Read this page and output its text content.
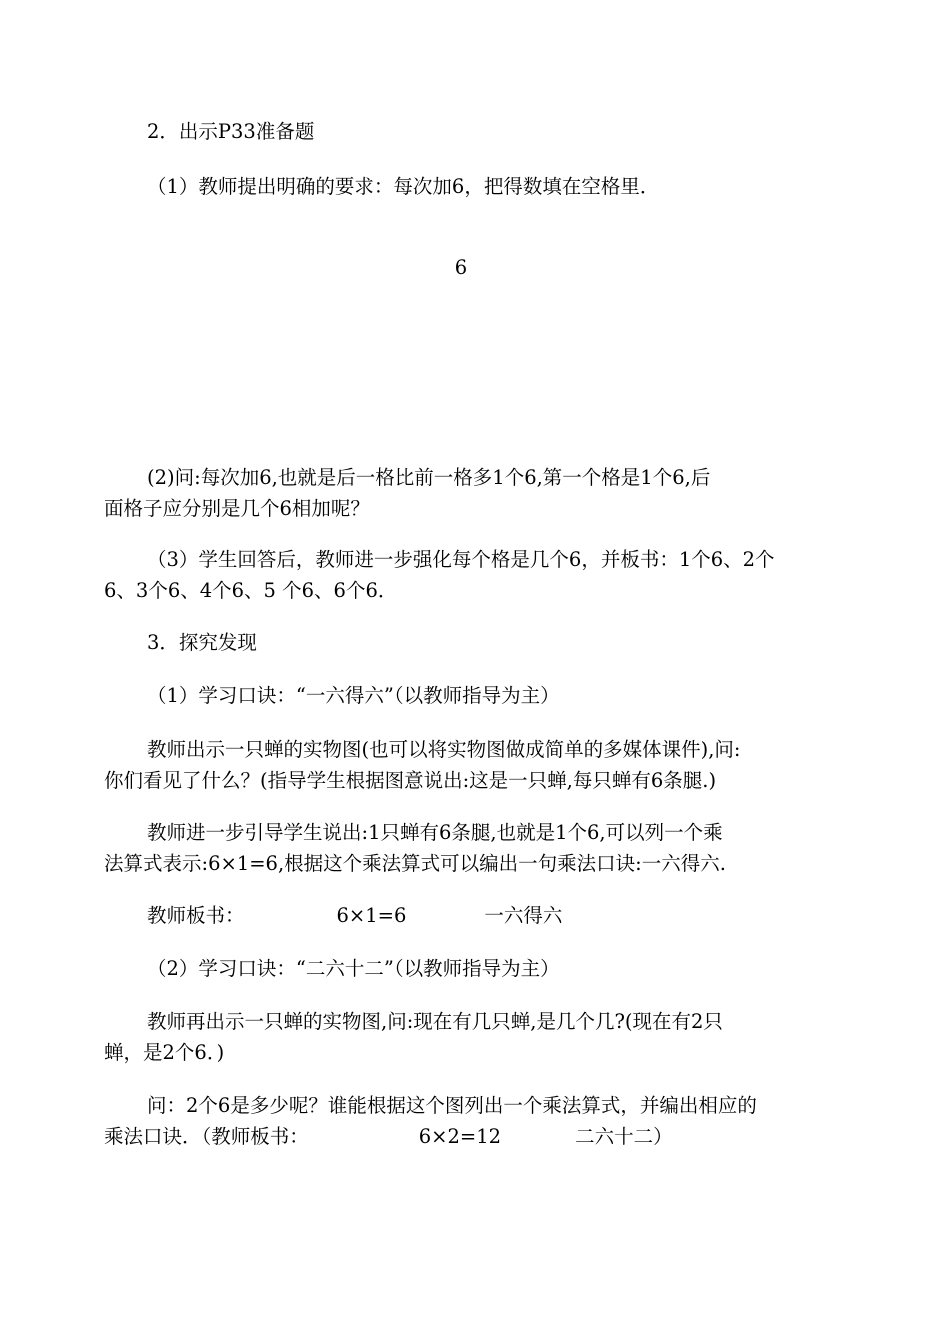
2．出示P33准备题
（1）教师提出明确的要求：每次加6，把得数填在空格里．
6
(2)问:每次加6,也就是后一格比前一格多1个6,第一个格是1个6,后
面格子应分别是几个6相加呢？
（3）学生回答后，教师进一步强化每个格是几个6，并板书：1个6、2个
6、3个6、4个6、5 个6、6个6．
3．探究发现
（1）学习口诀：“一六得六”（以教师指导为主）
教师出示一只蝉的实物图(也可以将实物图做成简单的多媒体课件),问:
你们看见了什么？(指导学生根据图意说出:这是一只蝉,每只蝉有6条腿.)
教师进一步引导学生说出:1只蝉有6条腿,也就是1个6,可以列一个乘
法算式表示:6×1=6,根据这个乘法算式可以编出一句乘法口诀:一六得六.
教师板书：	6×1=6	一六得六
（2）学习口诀：“二六十二”（以教师指导为主）
教师再出示一只蝉的实物图,问:现在有几只蝉,是几个几?(现在有2只
蝉，是2个6．)
问：2个6是多少呢？谁能根据这个图列出一个乘法算式，并编出相应的
乘法口诀．（教师板书：	6×2=12	二六十二）
